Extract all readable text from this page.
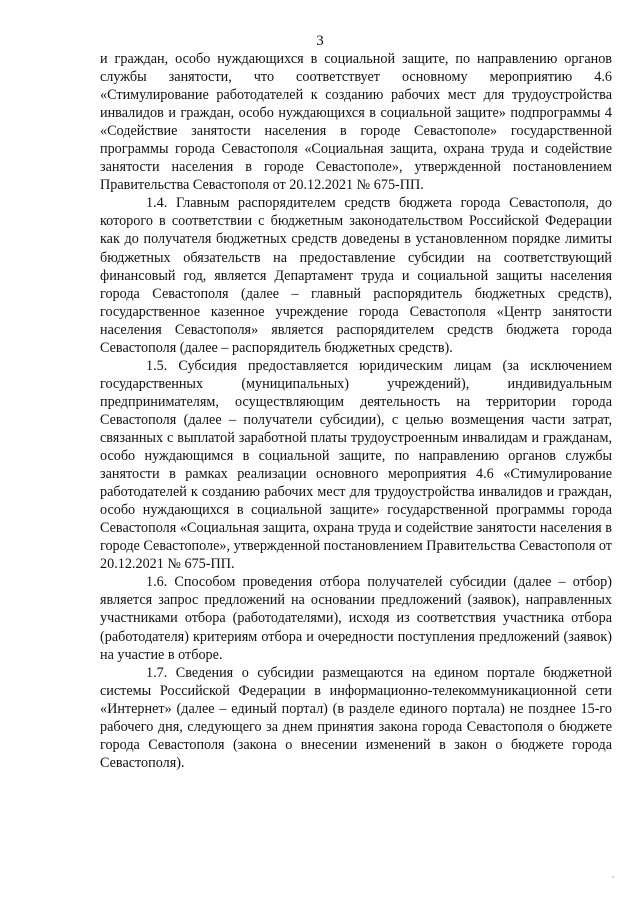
3

и граждан, особо нуждающихся в социальной защите, по направлению органов службы занятости, что соответствует основному мероприятию 4.6 «Стимулирование работодателей к созданию рабочих мест для трудоустройства инвалидов и граждан, особо нуждающихся в социальной защите» подпрограммы 4 «Содействие занятости населения в городе Севастополе» государственной программы города Севастополя «Социальная защита, охрана труда и содействие занятости населения в городе Севастополе», утвержденной постановлением Правительства Севастополя от 20.12.2021 № 675-ПП.

1.4. Главным распорядителем средств бюджета города Севастополя, до которого в соответствии с бюджетным законодательством Российской Федерации как до получателя бюджетных средств доведены в установленном порядке лимиты бюджетных обязательств на предоставление субсидии на соответствующий финансовый год, является Департамент труда и социальной защиты населения города Севастополя (далее – главный распорядитель бюджетных средств), государственное казенное учреждение города Севастополя «Центр занятости населения Севастополя» является распорядителем средств бюджета города Севастополя (далее – распорядитель бюджетных средств).

1.5. Субсидия предоставляется юридическим лицам (за исключением государственных (муниципальных) учреждений), индивидуальным предпринимателям, осуществляющим деятельность на территории города Севастополя (далее – получатели субсидии), с целью возмещения части затрат, связанных с выплатой заработной платы трудоустроенным инвалидам и гражданам, особо нуждающимся в социальной защите, по направлению органов службы занятости в рамках реализации основного мероприятия 4.6 «Стимулирование работодателей к созданию рабочих мест для трудоустройства инвалидов и граждан, особо нуждающихся в социальной защите» государственной программы города Севастополя «Социальная защита, охрана труда и содействие занятости населения в городе Севастополе», утвержденной постановлением Правительства Севастополя от 20.12.2021 № 675-ПП.

1.6. Способом проведения отбора получателей субсидии (далее – отбор) является запрос предложений на основании предложений (заявок), направленных участниками отбора (работодателями), исходя из соответствия участника отбора (работодателя) критериям отбора и очередности поступления предложений (заявок) на участие в отборе.

1.7. Сведения о субсидии размещаются на едином портале бюджетной системы Российской Федерации в информационно-телекоммуникационной сети «Интернет» (далее – единый портал) (в разделе единого портала) не позднее 15-го рабочего дня, следующего за днем принятия закона города Севастополя о бюджете города Севастополя (закона о внесении изменений в закон о бюджете города Севастополя).
